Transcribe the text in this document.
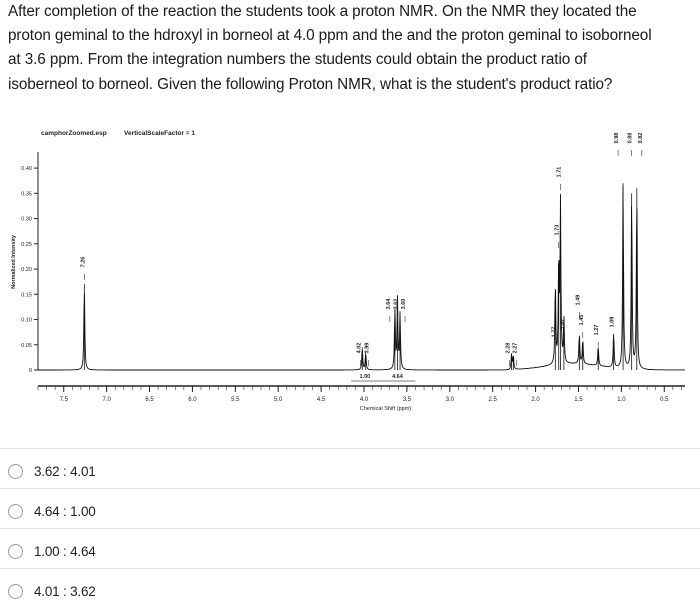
After completion of the reaction the students took a proton NMR. On the NMR they located the
proton geminal to the hdroxyl in borneol at 4.0 ppm and the and the proton geminal to isoborneol
at 3.6 ppm. From the integration numbers the students could obtain the product ratio of
isoberneol to borneol. Given the following Proton NMR, what is the student's product ratio?
camphorZoomed.esp	VerticalScaleFactor = 1
0.40
0.35
0.30
0.25
0.20
0.15
0.10
0.05
0
Normalized Intensity
7.5	7.0	6.5	6.0	5.5	5.0	4.5	4.0	3.5	3.0	2.5	2.0	1.5	1.0	0.5
Chemical Shift (ppm)
1.00	4.64
7.26
4.02 3.99
3.64 3.62 3.60
2.28 2.27
1.77
1.73
1.71
1.67
1.49
1.45
1.27
1.09
0.98 0.88 0.82
3.62 : 4.01
4.64 : 1.00
1.00 : 4.64
4.01 : 3.62
